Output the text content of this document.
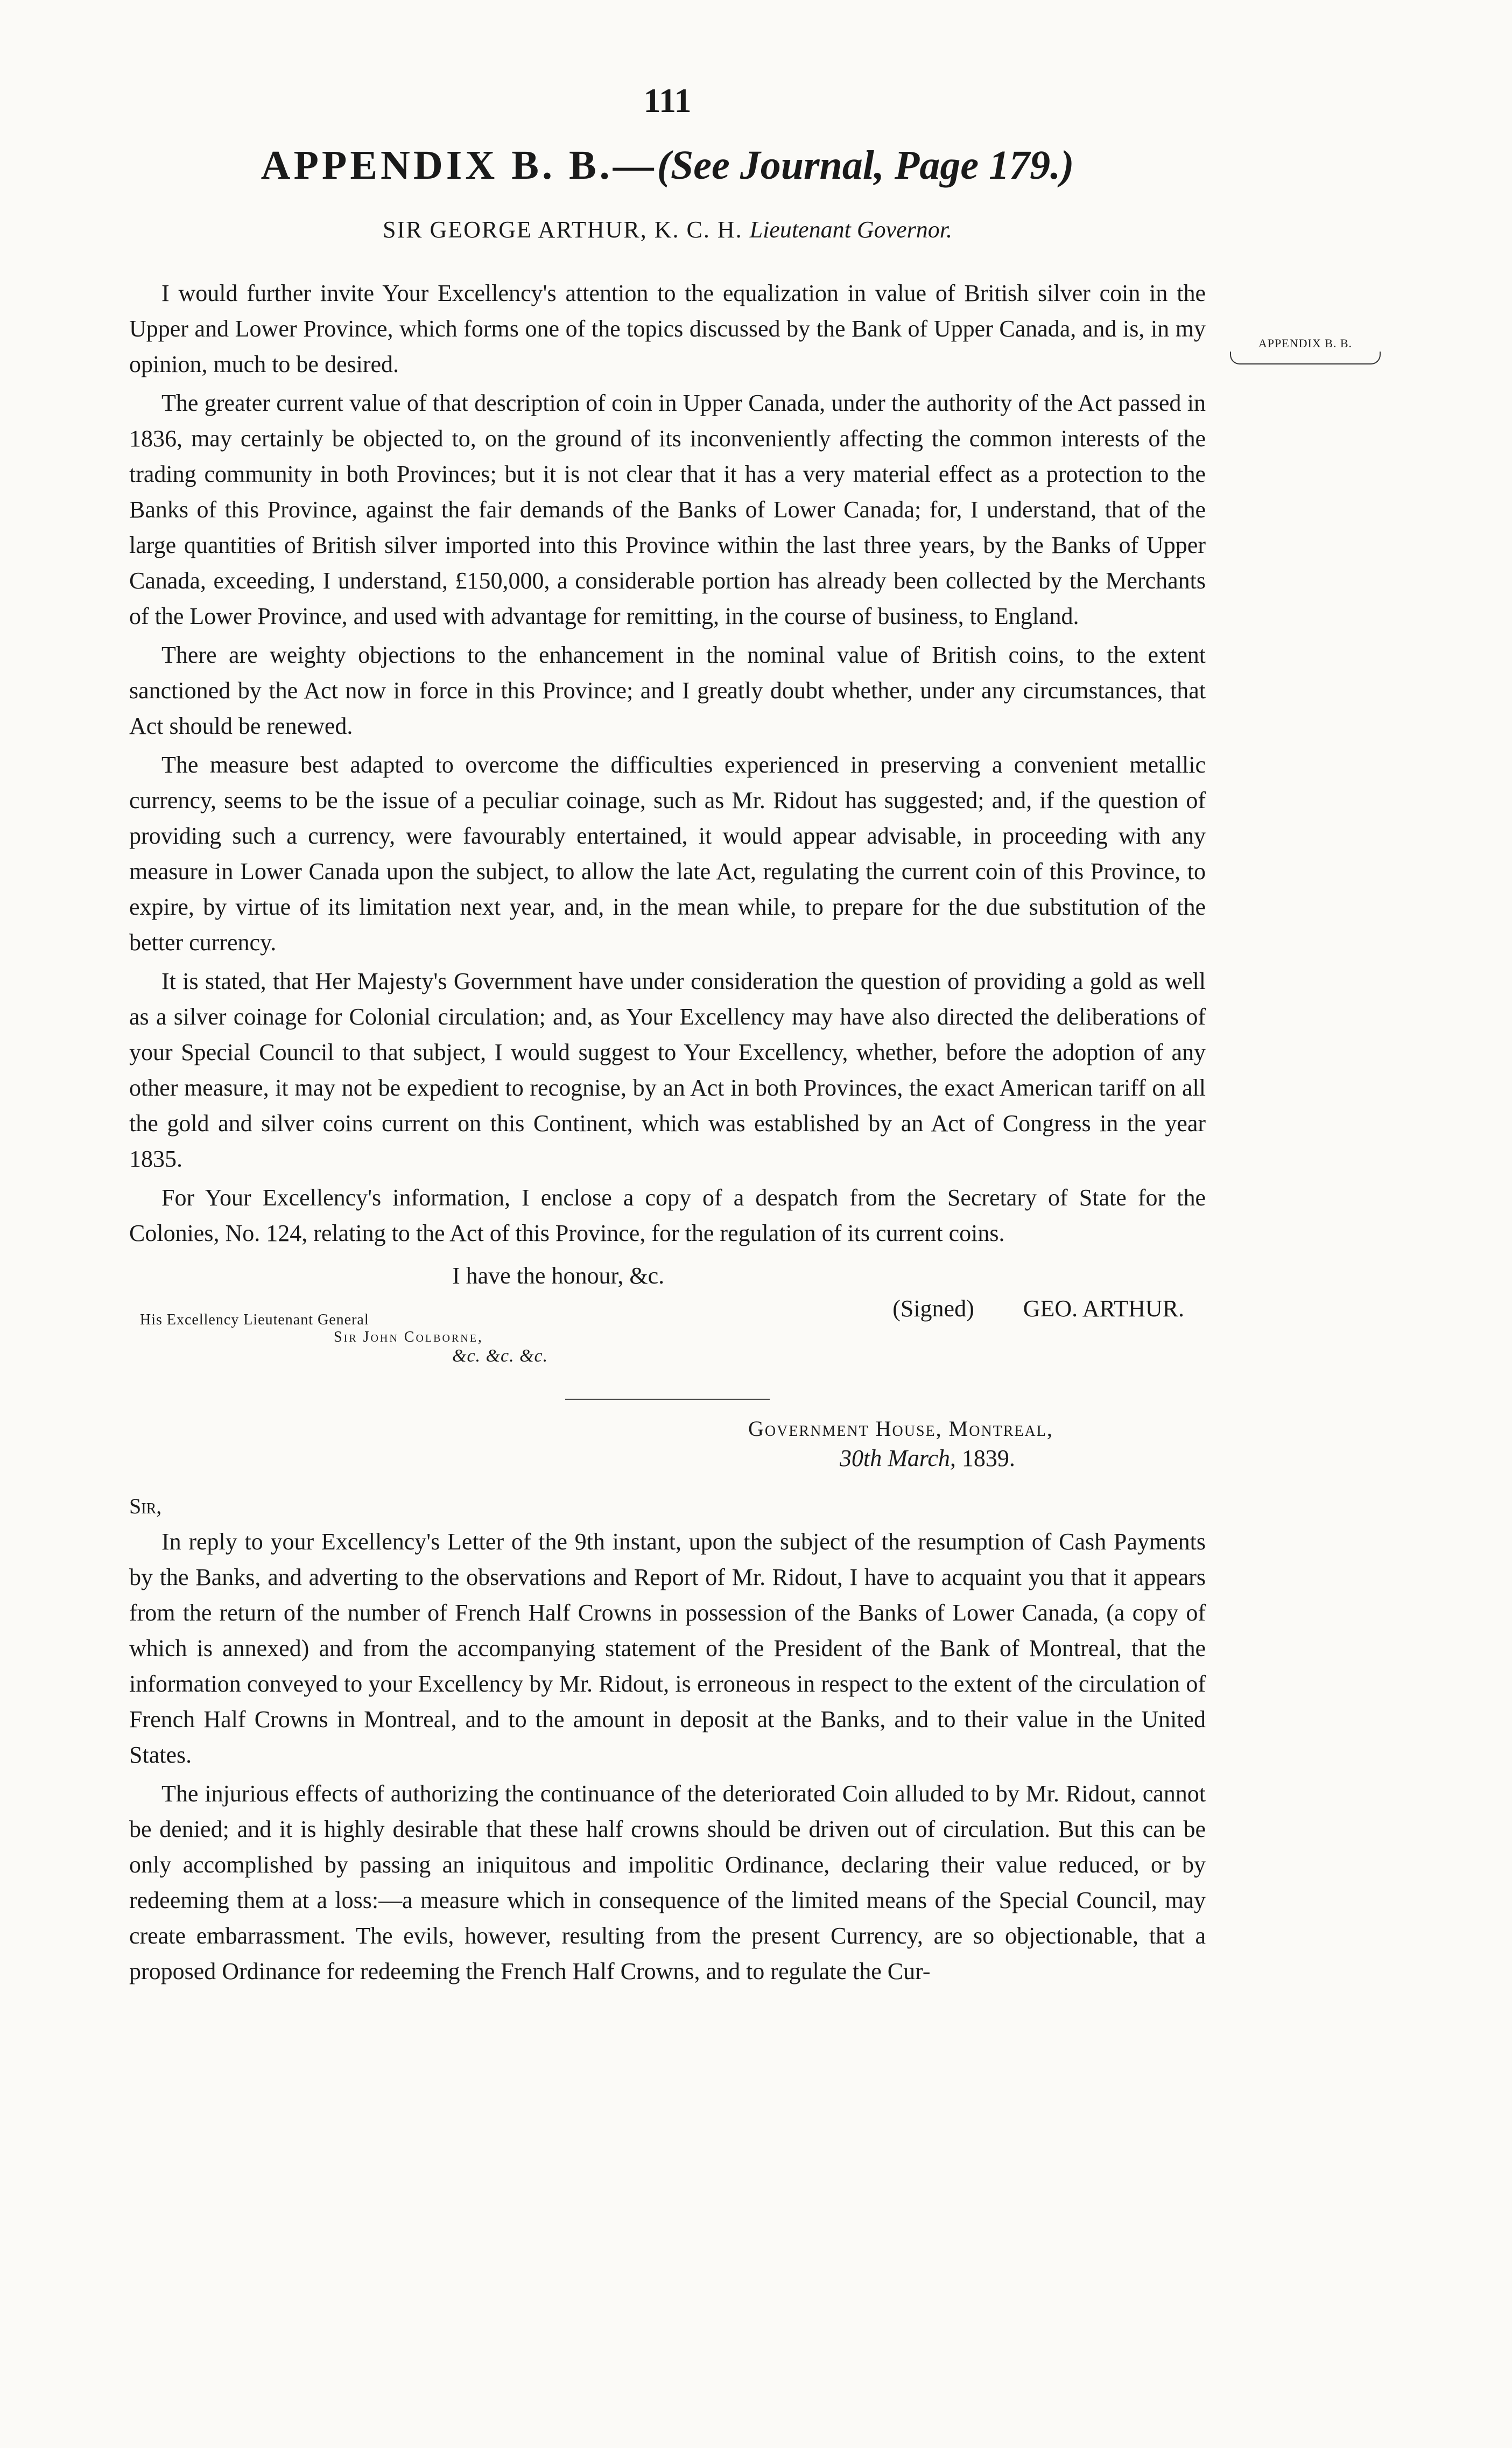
111
APPENDIX B. B.—(See Journal, Page 179.)
SIR GEORGE ARTHUR, K. C. H. Lieutenant Governor.

I would further invite Your Excellency's attention to the equalization in value of British silver coin in the Upper and Lower Province, which forms one of the topics discussed by the Bank of Upper Canada, and is, in my opinion, much to be desired.

The greater current value of that description of coin in Upper Canada, under the authority of the Act passed in 1836, may certainly be objected to, on the ground of its inconveniently affecting the common interests of the trading community in both Provinces; but it is not clear that it has a very material effect as a protection to the Banks of this Province, against the fair demands of the Banks of Lower Canada; for, I understand, that of the large quantities of British silver imported into this Province within the last three years, by the Banks of Upper Canada, exceeding, I understand, £150,000, a considerable portion has already been collected by the Merchants of the Lower Province, and used with advantage for remitting, in the course of business, to England.

There are weighty objections to the enhancement in the nominal value of British coins, to the extent sanctioned by the Act now in force in this Province; and I greatly doubt whether, under any circumstances, that Act should be renewed.

The measure best adapted to overcome the difficulties experienced in preserving a convenient metallic currency, seems to be the issue of a peculiar coinage, such as Mr. Ridout has suggested; and, if the question of providing such a currency, were favourably entertained, it would appear advisable, in proceeding with any measure in Lower Canada upon the subject, to allow the late Act, regulating the current coin of this Province, to expire, by virtue of its limitation next year, and, in the mean while, to prepare for the due substitution of the better currency.

It is stated, that Her Majesty's Government have under consideration the question of providing a gold as well as a silver coinage for Colonial circulation; and, as Your Excellency may have also directed the deliberations of your Special Council to that subject, I would suggest to Your Excellency, whether, before the adoption of any other measure, it may not be expedient to recognise, by an Act in both Provinces, the exact American tariff on all the gold and silver coins current on this Continent, which was established by an Act of Congress in the year 1835.

For Your Excellency's information, I enclose a copy of a despatch from the Secretary of State for the Colonies, No. 124, relating to the Act of this Province, for the regulation of its current coins.

I have the honour, &c.
(Signed) GEO. ARTHUR.
His Excellency Lieutenant General
Sir John Colborne,
&c. &c. &c.
Government House, Montreal,
30th March, 1839.
Sir,

In reply to your Excellency's Letter of the 9th instant, upon the subject of the resumption of Cash Payments by the Banks, and adverting to the observations and Report of Mr. Ridout, I have to acquaint you that it appears from the return of the number of French Half Crowns in possession of the Banks of Lower Canada, (a copy of which is annexed) and from the accompanying statement of the President of the Bank of Montreal, that the information conveyed to your Excellency by Mr. Ridout, is erroneous in respect to the extent of the circulation of French Half Crowns in Montreal, and to the amount in deposit at the Banks, and to their value in the United States.

The injurious effects of authorizing the continuance of the deteriorated Coin alluded to by Mr. Ridout, cannot be denied; and it is highly desirable that these half crowns should be driven out of circulation. But this can be only accomplished by passing an iniquitous and impolitic Ordinance, declaring their value reduced, or by redeeming them at a loss:—a measure which in consequence of the limited means of the Special Council, may create embarrassment. The evils, however, resulting from the present Currency, are so objectionable, that a proposed Ordinance for redeeming the French Half Crowns, and to regulate the Cur-

APPENDIX B. B.
